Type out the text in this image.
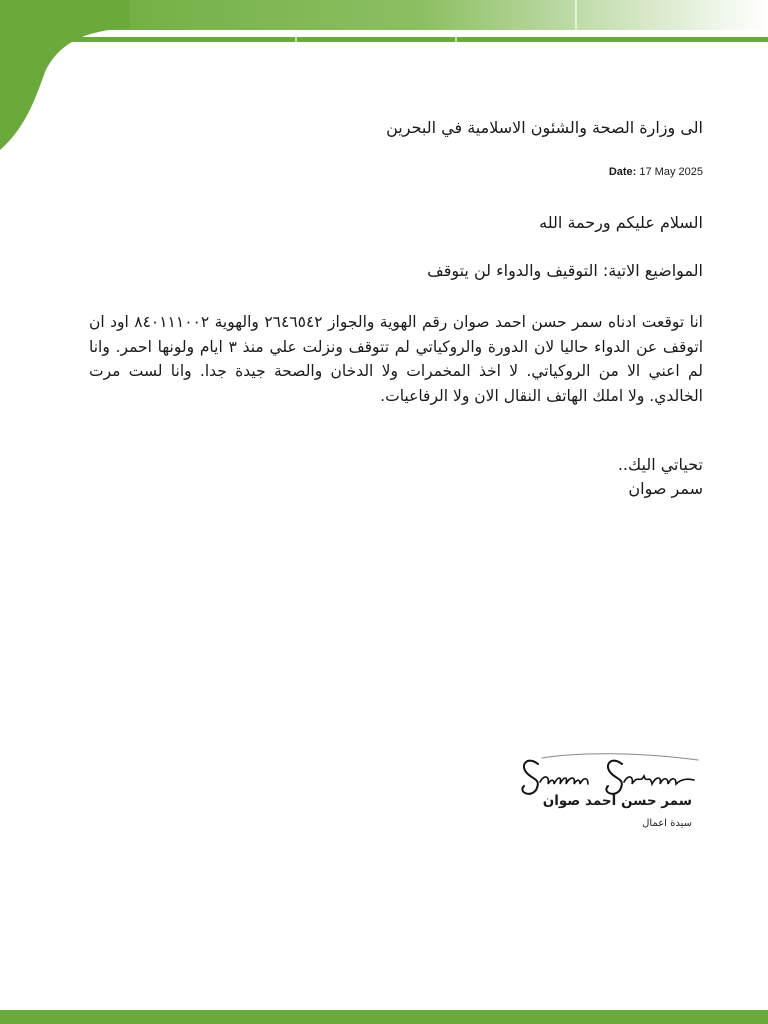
الى وزارة الصحة والشئون الاسلامية في البحرين
Date: 17 May 2025
السلام عليكم ورحمة الله
المواضيع الاتية: التوقيف والدواء لن يتوقف
انا توقعت ادناه سمر حسن احمد صوان رقم الهوية والجواز ٢٦٤٦٥٤٢ والهوية ٨٤٠١١١٠٠٢ اود ان اتوقف عن الدواء حاليا لان الدورة والروكياتي لم تتوقف ونزلت علي منذ ٣ ايام ولونها احمر. وانا لم اعني الا من الروكياتي. لا اخذ المخمرات ولا الدخان والصحة جيدة جدا. وانا لست مرت الخالدي. ولا املك الهاتف النقال الان ولا الرفاعيات.
تحياتي اليك..
سمر صوان
سمر حسن احمد صوان
سيدة اعمال
